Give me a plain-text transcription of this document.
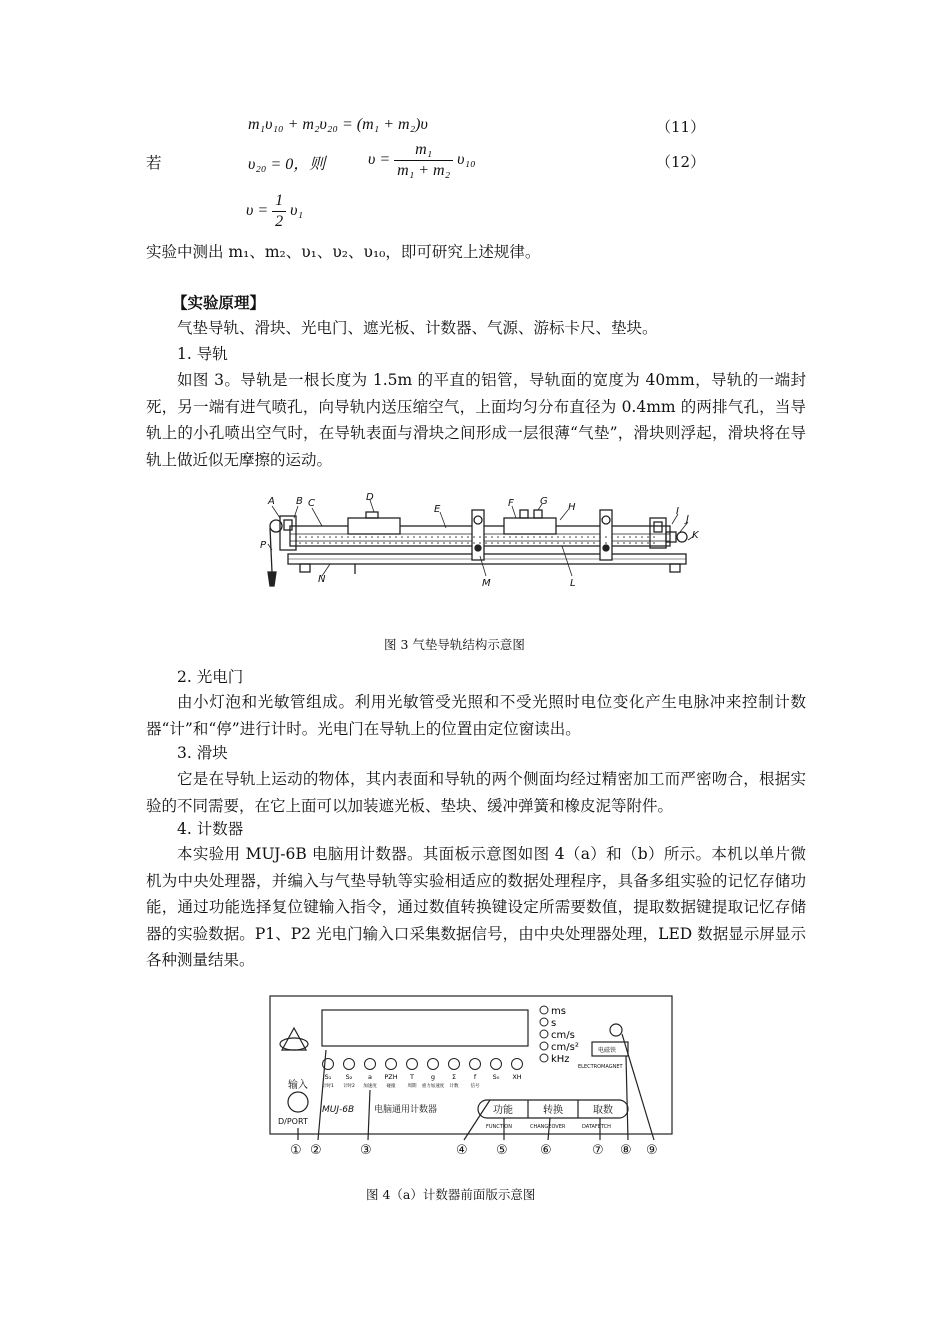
m₁υ₁₀ + m₂υ₂₀ = (m₁ + m₂)υ	（11）
若	υ₂₀ = 0，则	$\upsilon = \frac{\text{m₁}}{\text{m₁ + m₂}} \upsilon_{10}$	（12）
$\upsilon = \frac{1}{2} \upsilon_1$
实验中测出 m₁、m₂、υ₁、υ₂、υ₁₀，即可研究上述规律。
【实验原理】
气垫导轨、滑块、光电门、遮光板、计数器、气源、游标卡尺、垫块。
1. 导轨
如图 3。导轨是一根长度为 1.5m 的平直的铝管，导轨面的宽度为 40mm，导轨的一端封死，另一端有进气喷孔，向导轨内送压缩空气，上面均匀分布直径为 0.4mm 的两排气孔，当导轨上的小孔喷出空气时，在导轨表面与滑块之间形成一层很薄“气垫”，滑块则浮起，滑块将在导轨上做近似无摩擦的运动。
A B C
D
E
F	G
H	I
J
K
L
M
N
P
图 3 气垫导轨结构示意图
2. 光电门
由小灯泡和光敏管组成。利用光敏管受光照和不受光照时电位变化产生电脉冲来控制计数器“计”和“停”进行计时。光电门在导轨上的位置由定位窗读出。
3. 滑块
它是在导轨上运动的物体，其内表面和导轨的两个侧面均经过精密加工而严密吻合，根据实验的不同需要，在它上面可以加装遮光板、垫块、缓冲弹簧和橡皮泥等附件。
4. 计数器
本实验用 MUJ-6B 电脑用计数器。其面板示意图如图 4（a）和（b）所示。本机以单片微机为中央处理器，并编入与气垫导轨等实验相适应的数据处理程序，具备多组实验的记忆存储功能，通过功能选择复位键输入指令，通过数值转换键设定所需要数值，提取数据键提取记忆存储器的实验数据。P1、P2 光电门输入口采集数据信号，由中央处理器处理，LED 数据显示屏显示各种测量结果。
ms
s
cm/s
cm/s²
kHz
S₁
计时1
S₂
计时2
a
加速度
PZH
碰撞
T
周期
g
重力加速度
Σ
计数
f
信号
S₀ XH
输入
D/PORT
MUJ-6B 电脑通用计数器	功能	转换	取数
FUNCTION	CHANGEOVER	DATAFETCH
电磁铁
ELECTROMAGNET
① ②	③	④ ⑤ ⑥	⑦ ⑧ ⑨
图 4（a）计数器前面版示意图
